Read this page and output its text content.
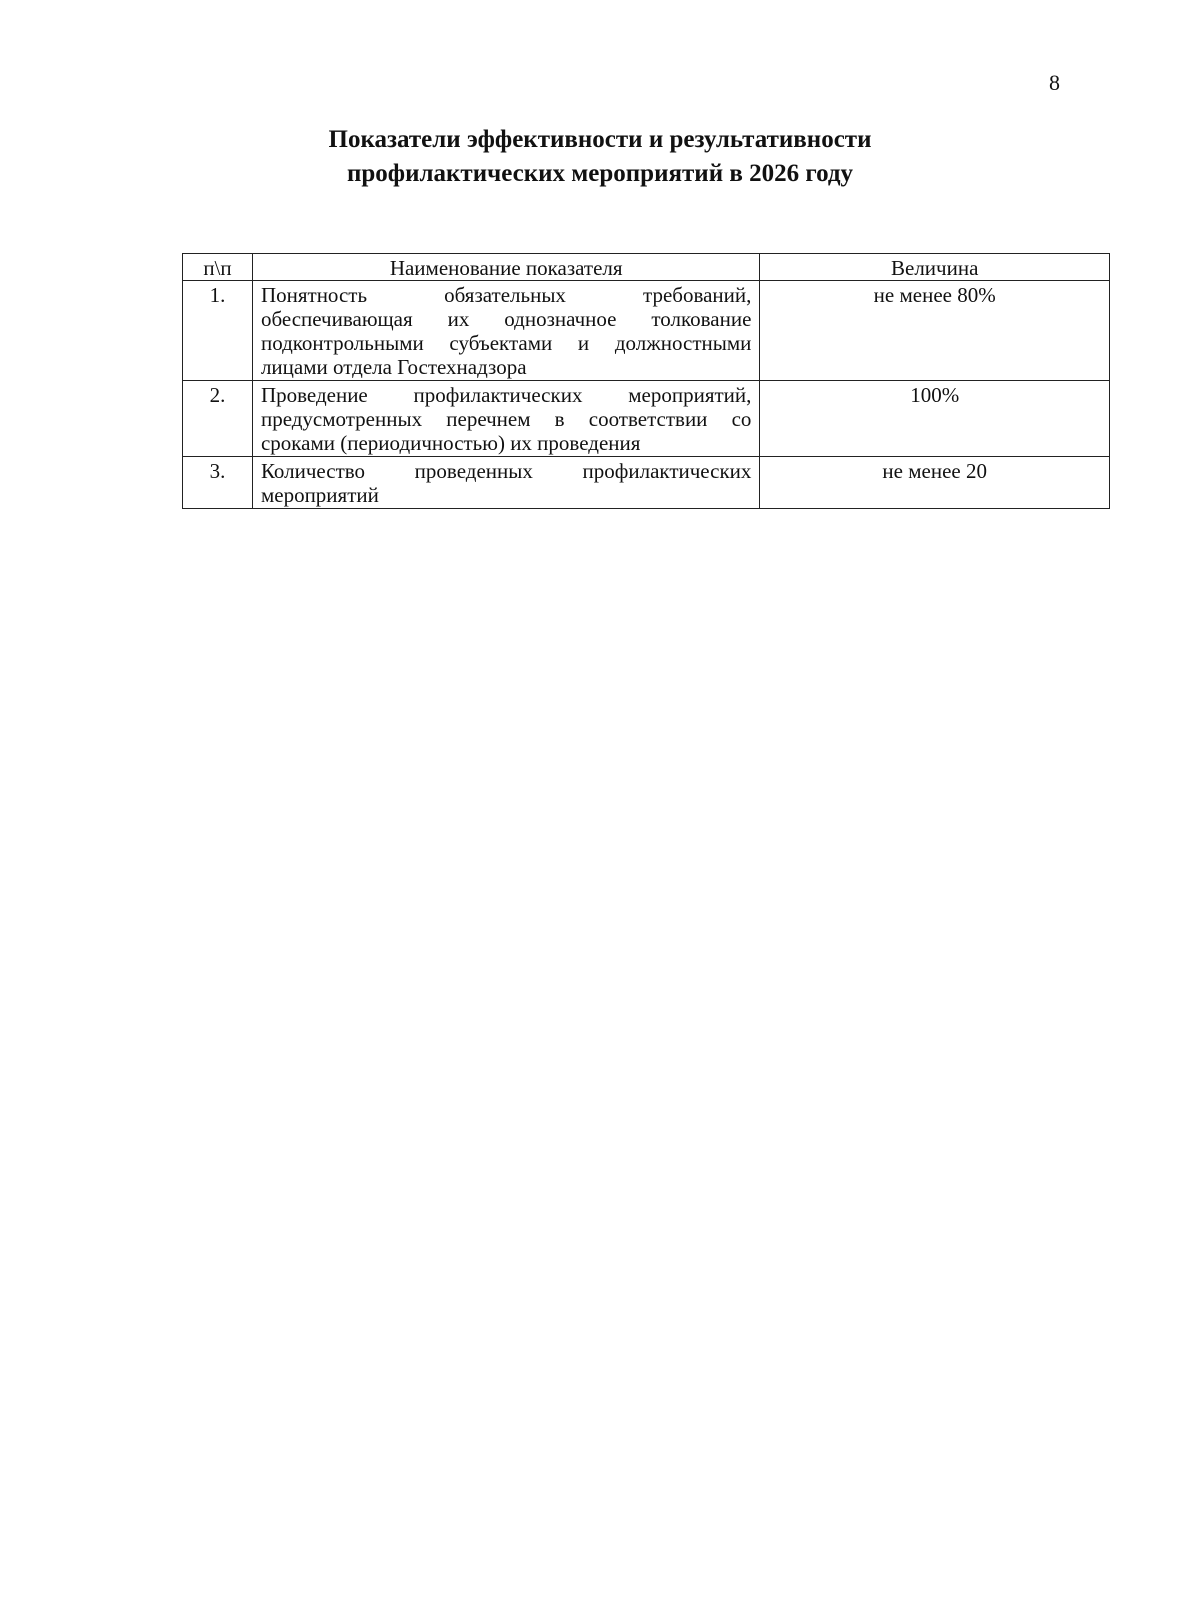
8
Показатели эффективности и результативности
профилактических мероприятий в 2026 году
п\п	Наименование показателя	Величина
1.	Понятность обязательных требований, обеспечивающая их однозначное толкование подконтрольными субъектами и должностными лицами отдела Гостехнадзора	не менее 80%
2.	Проведение профилактических мероприятий, предусмотренных перечнем в соответствии со сроками (периодичностью) их проведения	100%
3.	Количество проведенных профилактических мероприятий	не менее 20
